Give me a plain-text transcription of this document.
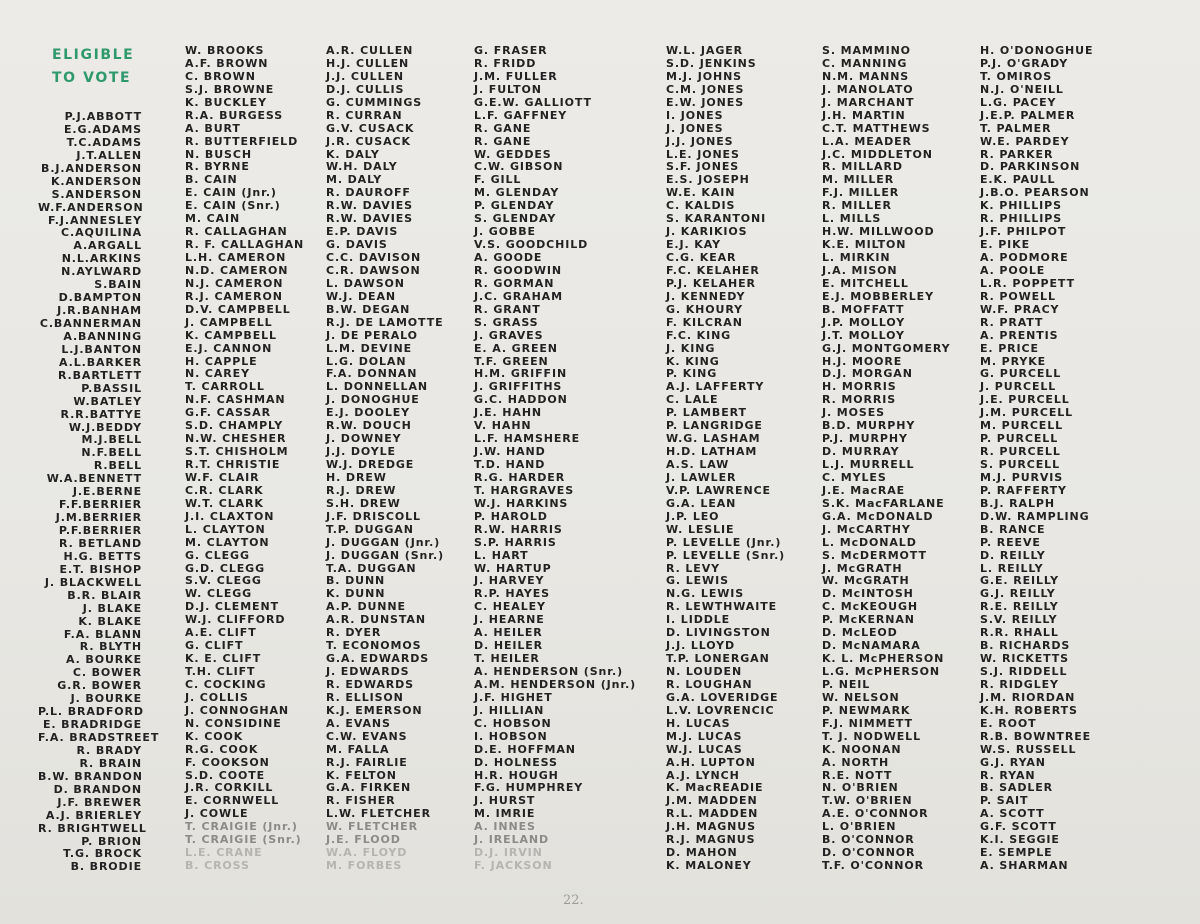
ELIGIBLE
TO VOTE
P.J.ABBOTT
E.G.ADAMS
T.C.ADAMS
J.T.ALLEN
B.J.ANDERSON
K.ANDERSON
S.ANDERSON
W.F.ANDERSON
F.J.ANNESLEY
C.AQUILINA
A.ARGALL
N.L.ARKINS
N.AYLWARD
S.BAIN
D.BAMPTON
J.R.BANHAM
C.BANNERMAN
A.BANNING
L.J.BANTON
A.L.BARKER
R.BARTLETT
P.BASSIL
W.BATLEY
R.R.BATTYE
W.J.BEDDY
M.J.BELL
N.F.BELL
R.BELL
W.A.BENNETT
J.E.BERNE
F.F.BERRIER
J.M.BERRIER
P.F.BERRIER
R. BETLAND
H.G. BETTS
E.T. BISHOP
J. BLACKWELL
B.R. BLAIR
J. BLAKE
K. BLAKE
F.A. BLANN
R. BLYTH
A. BOURKE
C. BOWER
G.R. BOWER
J. BOURKE
P.L. BRADFORD
E. BRADRIDGE
F.A. BRADSTREET
R. BRADY
R. BRAIN
B.W. BRANDON
D. BRANDON
J.F. BREWER
A.J. BRIERLEY
R. BRIGHTWELL
P. BRION
T.G. BROCK
B. BRODIE
W. BROOKS
A.F. BROWN
C. BROWN
S.J. BROWNE
K. BUCKLEY
R.A. BURGESS
A. BURT
R. BUTTERFIELD
N. BUSCH
R. BYRNE
B. CAIN
E. CAIN (Jnr.)
E. CAIN (Snr.)
M. CAIN
R. CALLAGHAN
R. F. CALLAGHAN
L.H. CAMERON
N.D. CAMERON
N.J. CAMERON
R.J. CAMERON
D.V. CAMPBELL
J. CAMPBELL
K. CAMPBELL
E.J. CANNON
H. CAPPLE
N. CAREY
T. CARROLL
N.F. CASHMAN
G.F. CASSAR
S.D. CHAMPLY
N.W. CHESHER
S.T. CHISHOLM
R.T. CHRISTIE
W.F. CLAIR
C.R. CLARK
W.T. CLARK
J.I. CLAXTON
L. CLAYTON
M. CLAYTON
G. CLEGG
G.D. CLEGG
S.V. CLEGG
W. CLEGG
D.J. CLEMENT
W.J. CLIFFORD
A.E. CLIFT
G. CLIFT
K. E. CLIFT
T.H. CLIFT
C. COCKING
J. COLLIS
J. CONNOGHAN
N. CONSIDINE
K. COOK
R.G. COOK
F. COOKSON
S.D. COOTE
J.R. CORKILL
E. CORNWELL
J. COWLE
T. CRAIGIE (Jnr.)
T. CRAIGIE (Snr.)
L.E. CRANE
B. CROSS
A.R. CULLEN
H.J. CULLEN
J.J. CULLEN
D.J. CULLIS
G. CUMMINGS
R. CURRAN
G.V. CUSACK
J.R. CUSACK
K. DALY
W.H. DALY
M. DALY
R. DAUROFF
R.W. DAVIES
R.W. DAVIES
E.P. DAVIS
G. DAVIS
C.C. DAVISON
C.R. DAWSON
L. DAWSON
W.J. DEAN
B.W. DEGAN
R.J. DE LAMOTTE
J. DE PERALO
L.M. DEVINE
L.G. DOLAN
F.A. DONNAN
L. DONNELLAN
J. DONOGHUE
E.J. DOOLEY
R.W. DOUCH
J. DOWNEY
J.J. DOYLE
W.J. DREDGE
H. DREW
R.J. DREW
S.H. DREW
J.F. DRISCOLL
T.P. DUGGAN
J. DUGGAN (Jnr.)
J. DUGGAN (Snr.)
T.A. DUGGAN
B. DUNN
K. DUNN
A.P. DUNNE
A.R. DUNSTAN
R. DYER
T. ECONOMOS
G.A. EDWARDS
J. EDWARDS
R. EDWARDS
R. ELLISON
K.J. EMERSON
A. EVANS
C.W. EVANS
M. FALLA
R.J. FAIRLIE
K. FELTON
G.A. FIRKEN
R. FISHER
L.W. FLETCHER
W. FLETCHER
J.E. FLOOD
W.A. FLOYD
M. FORBES
G. FRASER
R. FRIDD
J.M. FULLER
J. FULTON
G.E.W. GALLIOTT
L.F. GAFFNEY
R. GANE
R. GANE
W. GEDDES
C.W. GIBSON
F. GILL
M. GLENDAY
P. GLENDAY
S. GLENDAY
J. GOBBE
V.S. GOODCHILD
A. GOODE
R. GOODWIN
R. GORMAN
J.C. GRAHAM
R. GRANT
S. GRASS
J. GRAVES
E. A. GREEN
T.F. GREEN
H.M. GRIFFIN
J. GRIFFITHS
G.C. HADDON
J.E. HAHN
V. HAHN
L.F. HAMSHERE
J.W. HAND
T.D. HAND
R.G. HARDER
T. HARGRAVES
W.J. HARKINS
P. HAROLD
R.W. HARRIS
S.P. HARRIS
L. HART
W. HARTUP
J. HARVEY
R.P. HAYES
C. HEALEY
J. HEARNE
A. HEILER
D. HEILER
T. HEILER
A. HENDERSON (Snr.)
A.M. HENDERSON (Jnr.)
J.F. HIGHET
J. HILLIAN
C. HOBSON
I. HOBSON
D.E. HOFFMAN
D. HOLNESS
H.R. HOUGH
F.G. HUMPHREY
J. HURST
M. IMRIE
A. INNES
J. IRELAND
D.J. IRVIN
F. JACKSON
W.L. JAGER
S.D. JENKINS
M.J. JOHNS
C.M. JONES
E.W. JONES
I. JONES
J. JONES
J.J. JONES
L.E. JONES
S.F. JONES
E.S. JOSEPH
W.E. KAIN
C. KALDIS
S. KARANTONI
J. KARIKIOS
E.J. KAY
C.G. KEAR
F.C. KELAHER
P.J. KELAHER
J. KENNEDY
G. KHOURY
F. KILCRAN
F.C. KING
J. KING
K. KING
P. KING
A.J. LAFFERTY
C. LALE
P. LAMBERT
P. LANGRIDGE
W.G. LASHAM
H.D. LATHAM
A.S. LAW
J. LAWLER
V.P. LAWRENCE
G.A. LEAN
J.P. LEO
W. LESLIE
P. LEVELLE (Jnr.)
P. LEVELLE (Snr.)
R. LEVY
G. LEWIS
N.G. LEWIS
R. LEWTHWAITE
I. LIDDLE
D. LIVINGSTON
J.J. LLOYD
T.P. LONERGAN
N. LOUDEN
R. LOUGHAN
G.A. LOVERIDGE
L.V. LOVRENCIC
H. LUCAS
M.J. LUCAS
W.J. LUCAS
A.H. LUPTON
A.J. LYNCH
K. MacREADIE
J.M. MADDEN
R.L. MADDEN
J.H. MAGNUS
R.J. MAGNUS
D. MAHON
K. MALONEY
S. MAMMINO
C. MANNING
N.M. MANNS
J. MANOLATO
J. MARCHANT
J.H. MARTIN
C.T. MATTHEWS
L.A. MEADER
J.C. MIDDLETON
R. MILLARD
M. MILLER
F.J. MILLER
R. MILLER
L. MILLS
H.W. MILLWOOD
K.E. MILTON
L. MIRKIN
J.A. MISON
E. MITCHELL
E.J. MOBBERLEY
B. MOFFATT
J.P. MOLLOY
J.T. MOLLOY
G.J. MONTGOMERY
H.J. MOORE
D.J. MORGAN
H. MORRIS
R. MORRIS
J. MOSES
B.D. MURPHY
P.J. MURPHY
D. MURRAY
L.J. MURRELL
C. MYLES
J.E. MacRAE
S.K. MacFARLANE
G.A. McDONALD
J. McCARTHY
L. McDONALD
S. McDERMOTT
J. McGRATH
W. McGRATH
D. McINTOSH
C. McKEOUGH
P. McKERNAN
D. McLEOD
D. McNAMARA
K. L. McPHERSON
L.G. McPHERSON
P. NEIL
W. NELSON
P. NEWMARK
F.J. NIMMETT
T. J. NODWELL
K. NOONAN
A. NORTH
R.E. NOTT
N. O'BRIEN
T.W. O'BRIEN
A.E. O'CONNOR
L. O'BRIEN
B. O'CONNOR
D. O'CONNOR
T.F. O'CONNOR
H. O'DONOGHUE
P.J. O'GRADY
T. OMIROS
N.J. O'NEILL
L.G. PACEY
J.E.P. PALMER
T. PALMER
W.E. PARDEY
R. PARKER
D. PARKINSON
E.K. PAULL
J.B.O. PEARSON
K. PHILLIPS
R. PHILLIPS
J.F. PHILPOT
E. PIKE
A. PODMORE
A. POOLE
L.R. POPPETT
R. POWELL
W.F. PRACY
R. PRATT
A. PRENTIS
E. PRICE
M. PRYKE
G. PURCELL
J. PURCELL
J.E. PURCELL
J.M. PURCELL
M. PURCELL
P. PURCELL
R. PURCELL
S. PURCELL
M.J. PURVIS
P. RAFFERTY
B.J. RALPH
D.W. RAMPLING
B. RANCE
P. REEVE
D. REILLY
L. REILLY
G.E. REILLY
G.J. REILLY
R.E. REILLY
S.V. REILLY
R.R. RHALL
B. RICHARDS
W. RICKETTS
S.J. RIDDELL
R. RIDGLEY
J.M. RIORDAN
K.H. ROBERTS
E. ROOT
R.B. BOWNTREE
W.S. RUSSELL
G.J. RYAN
R. RYAN
B. SADLER
P. SAIT
A. SCOTT
G.F. SCOTT
K.I. SEGGIE
E. SEMPLE
A. SHARMAN
22.
